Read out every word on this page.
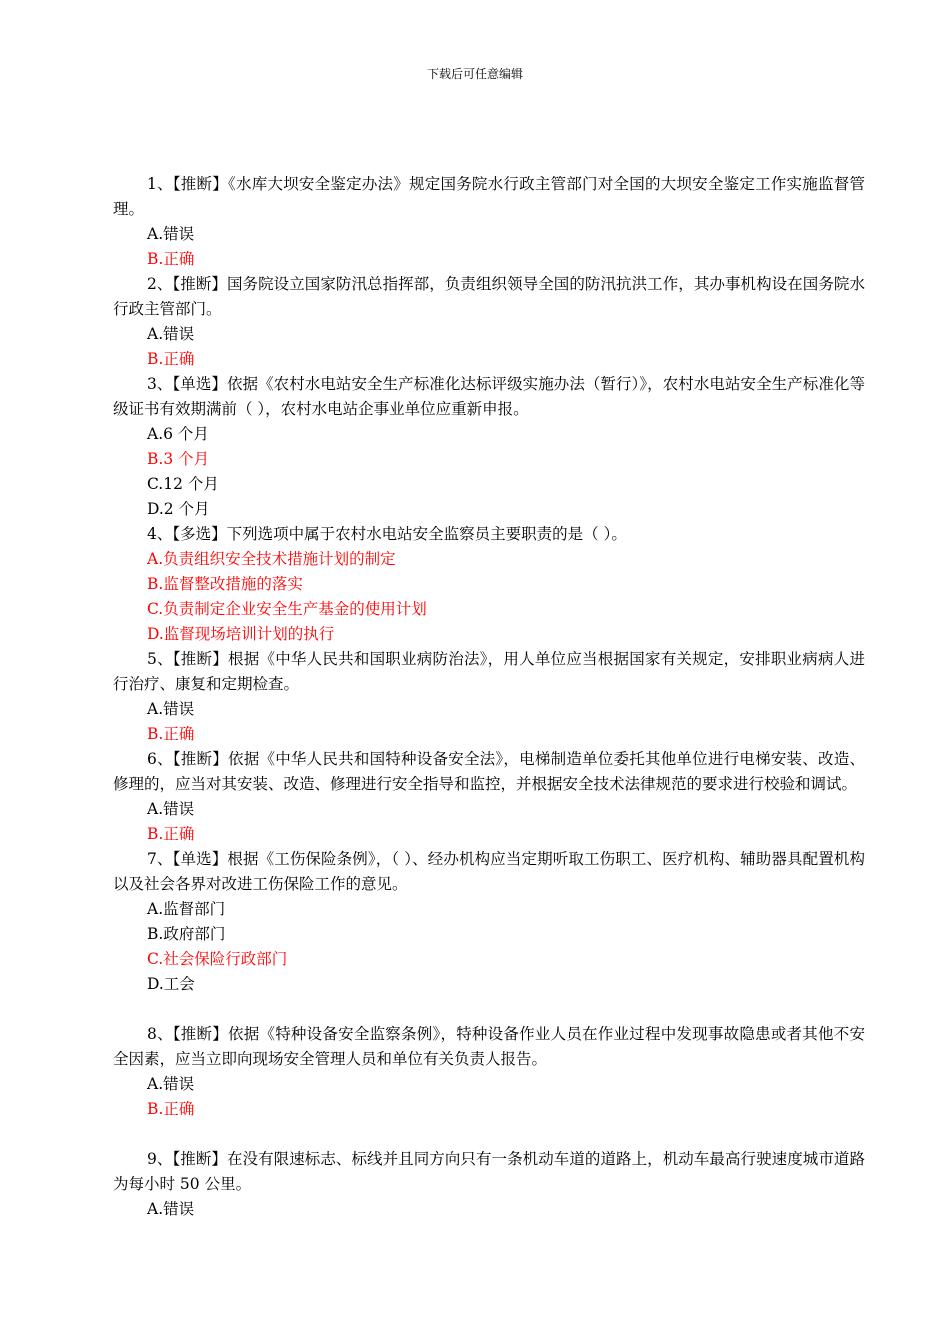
下载后可任意编辑
1、【推断】《水库大坝安全鉴定办法》规定国务院水行政主管部门对全国的大坝安全鉴定工作实施监督管理。
A.错误
B.正确
2、【推断】国务院设立国家防汛总指挥部，负责组织领导全国的防汛抗洪工作，其办事机构设在国务院水行政主管部门。
A.错误
B.正确
3、【单选】依据《农村水电站安全生产标准化达标评级实施办法（暂行）》，农村水电站安全生产标准化等级证书有效期满前（ ），农村水电站企事业单位应重新申报。
A.6 个月
B.3 个月
C.12 个月
D.2 个月
4、【多选】下列选项中属于农村水电站安全监察员主要职责的是（ ）。
A.负责组织安全技术措施计划的制定
B.监督整改措施的落实
C.负责制定企业安全生产基金的使用计划
D.监督现场培训计划的执行
5、【推断】根据《中华人民共和国职业病防治法》，用人单位应当根据国家有关规定，安排职业病病人进行治疗、康复和定期检查。
A.错误
B.正确
6、【推断】依据《中华人民共和国特种设备安全法》，电梯制造单位委托其他单位进行电梯安装、改造、修理的，应当对其安装、改造、修理进行安全指导和监控，并根据安全技术法律规范的要求进行校验和调试。
A.错误
B.正确
7、【单选】根据《工伤保险条例》，（ ）、经办机构应当定期听取工伤职工、医疗机构、辅助器具配置机构以及社会各界对改进工伤保险工作的意见。
A.监督部门
B.政府部门
C.社会保险行政部门
D.工会
8、【推断】依据《特种设备安全监察条例》，特种设备作业人员在作业过程中发现事故隐患或者其他不安全因素，应当立即向现场安全管理人员和单位有关负责人报告。
A.错误
B.正确
9、【推断】在没有限速标志、标线并且同方向只有一条机动车道的道路上，机动车最高行驶速度城市道路为每小时 50 公里。
A.错误
